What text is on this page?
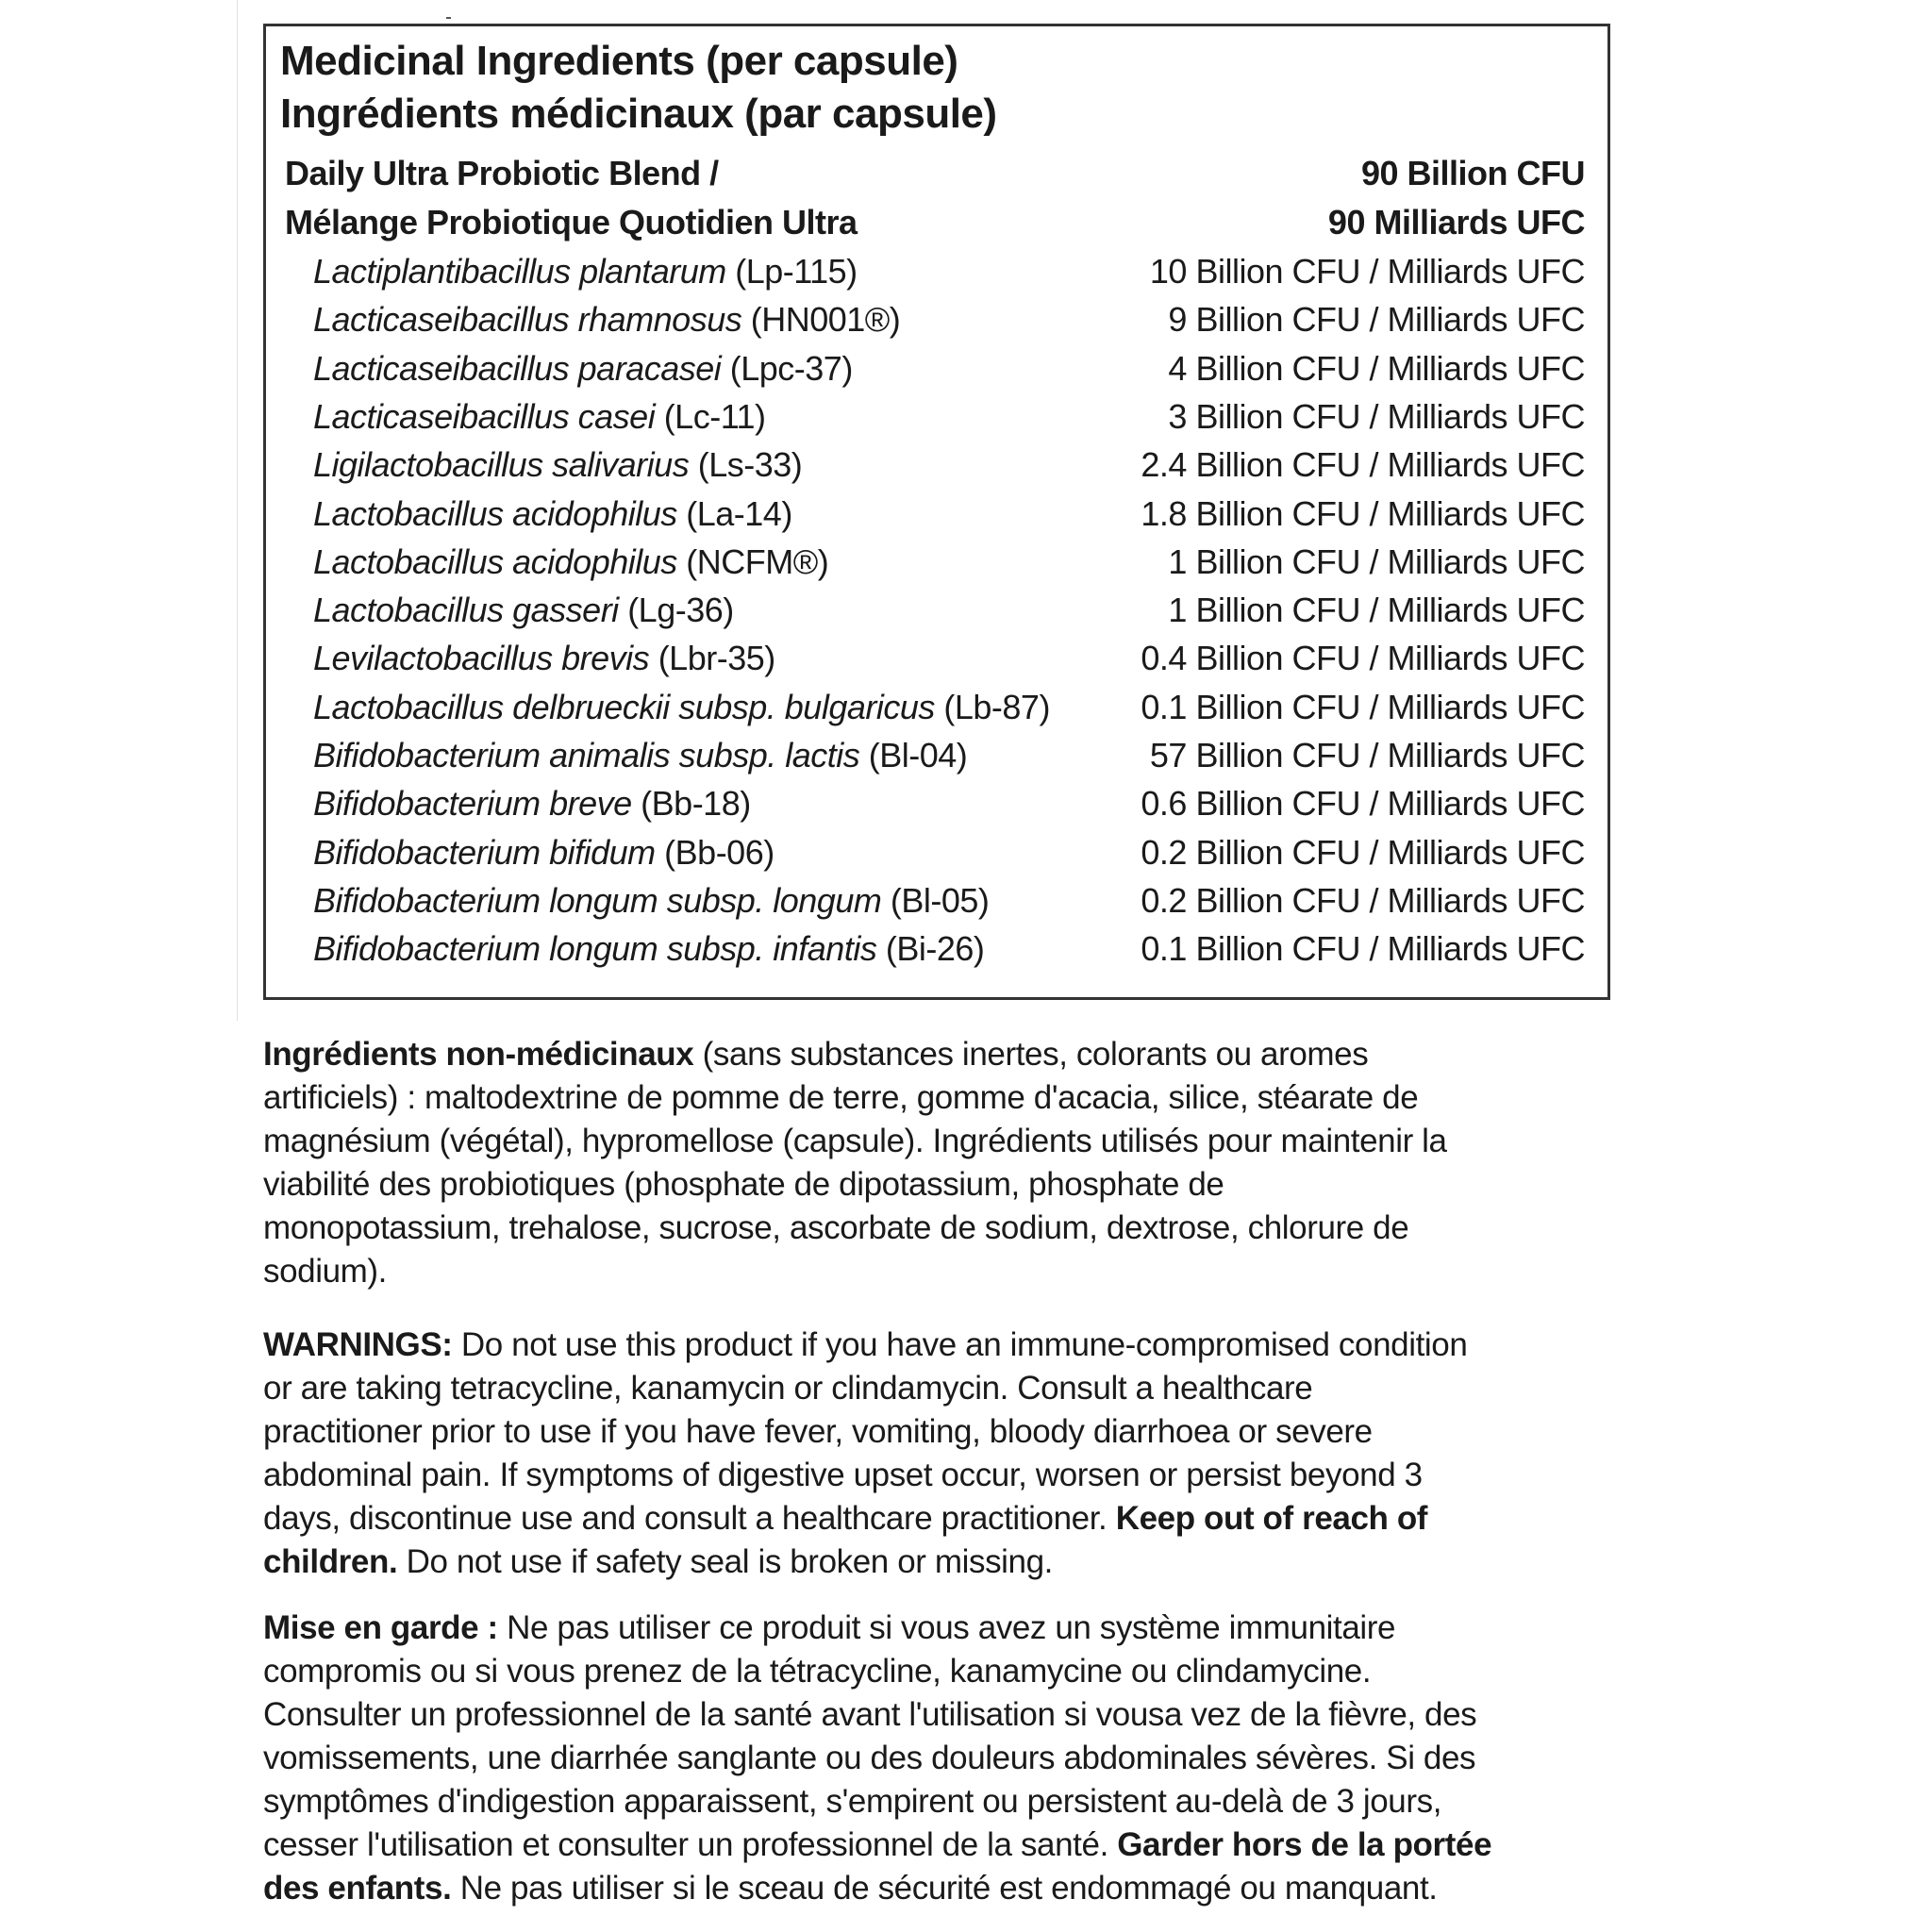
Medicinal Ingredients (per capsule)
Ingrédients médicinaux (par capsule)
Daily Ultra Probiotic Blend /	90 Billion CFU
Mélange Probiotique Quotidien Ultra	90 Milliards UFC
Lactiplantibacillus plantarum (Lp-115)	10 Billion CFU / Milliards UFC
Lacticaseibacillus rhamnosus (HN001®)	9 Billion CFU / Milliards UFC
Lacticaseibacillus paracasei (Lpc-37)	4 Billion CFU / Milliards UFC
Lacticaseibacillus casei (Lc-11)	3 Billion CFU / Milliards UFC
Ligilactobacillus salivarius (Ls-33)	2.4 Billion CFU / Milliards UFC
Lactobacillus acidophilus (La-14)	1.8 Billion CFU / Milliards UFC
Lactobacillus acidophilus (NCFM®)	1 Billion CFU / Milliards UFC
Lactobacillus gasseri (Lg-36)	1 Billion CFU / Milliards UFC
Levilactobacillus brevis (Lbr-35)	0.4 Billion CFU / Milliards UFC
Lactobacillus delbrueckii subsp. bulgaricus (Lb-87)	0.1 Billion CFU / Milliards UFC
Bifidobacterium animalis subsp. lactis (Bl-04)	57 Billion CFU / Milliards UFC
Bifidobacterium breve (Bb-18)	0.6 Billion CFU / Milliards UFC
Bifidobacterium bifidum (Bb-06)	0.2 Billion CFU / Milliards UFC
Bifidobacterium longum subsp. longum (Bl-05)	0.2 Billion CFU / Milliards UFC
Bifidobacterium longum subsp. infantis (Bi-26)	0.1 Billion CFU / Milliards UFC
Ingrédients non-médicinaux (sans substances inertes, colorants ou aromes
artificiels) : maltodextrine de pomme de terre, gomme d'acacia, silice, stéarate de
magnésium (végétal), hypromellose (capsule). Ingrédients utilisés pour maintenir la
viabilité des probiotiques (phosphate de dipotassium, phosphate de
monopotassium, trehalose, sucrose, ascorbate de sodium, dextrose, chlorure de
sodium).
WARNINGS: Do not use this product if you have an immune-compromised condition
or are taking tetracycline, kanamycin or clindamycin. Consult a healthcare
practitioner prior to use if you have fever, vomiting, bloody diarrhoea or severe
abdominal pain. If symptoms of digestive upset occur, worsen or persist beyond 3
days, discontinue use and consult a healthcare practitioner. Keep out of reach of
children. Do not use if safety seal is broken or missing.
Mise en garde : Ne pas utiliser ce produit si vous avez un système immunitaire
compromis ou si vous prenez de la tétracycline, kanamycine ou clindamycine.
Consulter un professionnel de la santé avant l'utilisation si vousa vez de la fièvre, des
vomissements, une diarrhée sanglante ou des douleurs abdominales sévères. Si des
symptômes d'indigestion apparaissent, s'empirent ou persistent au-delà de 3 jours,
cesser l'utilisation et consulter un professionnel de la santé. Garder hors de la portée
des enfants. Ne pas utiliser si le sceau de sécurité est endommagé ou manquant.
